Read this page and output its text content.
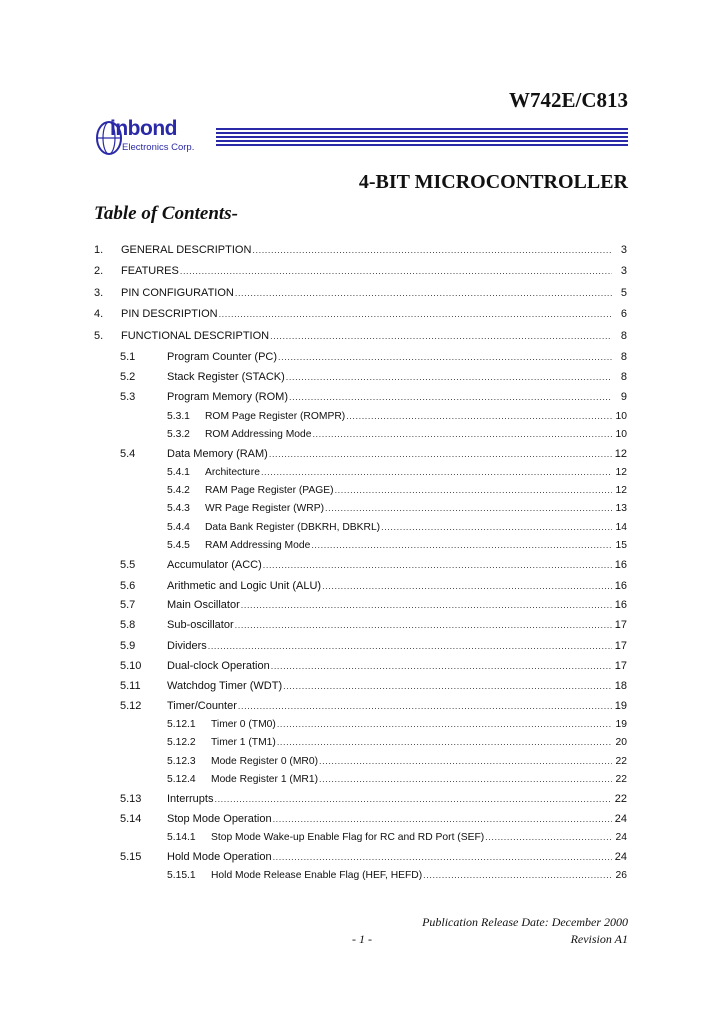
W742E/C813
inbond
Electronics Corp.
4-BIT MICROCONTROLLER
Table of Contents-
1. GENERAL DESCRIPTION .....	3
2. FEATURES .....	3
3. PIN CONFIGURATION .....	5
4. PIN DESCRIPTION .....	6
5. FUNCTIONAL DESCRIPTION .....	8
5.1	Program Counter (PC) .....	8
5.2	Stack Register (STACK) .....	8
5.3	Program Memory (ROM) .....	9
5.3.1 ROM Page Register (ROMPR) .....	10
5.3.2 ROM Addressing Mode .....	10
5.4	Data Memory (RAM) .....	12
5.4.1 Architecture .....	12
5.4.2 RAM Page Register (PAGE) .....	12
5.4.3 WR Page Register (WRP) .....	13
5.4.4 Data Bank Register (DBKRH, DBKRL) .....	14
5.4.5 RAM Addressing Mode .....	15
5.5	Accumulator (ACC) .....	16
5.6	Arithmetic and Logic Unit (ALU) .....	16
5.7	Main Oscillator .....	16
5.8	Sub-oscillator .....	17
5.9	Dividers .....	17
5.10 Dual-clock Operation .....	17
5.11 Watchdog Timer (WDT) .....	18
5.12 Timer/Counter .....	19
5.12.1 Timer 0 (TM0) .....	19
5.12.2 Timer 1 (TM1) .....	20
5.12.3 Mode Register 0 (MR0) .....	22
5.12.4 Mode Register 1 (MR1) .....	22
5.13 Interrupts .....	22
5.14 Stop Mode Operation .....	24
5.14.1 Stop Mode Wake-up Enable Flag for RC and RD Port (SEF) .....	24
5.15 Hold Mode Operation .....	24
5.15.1 Hold Mode Release Enable Flag (HEF, HEFD) .....	26
Publication Release Date: December 2000
- 1 -	Revision A1
